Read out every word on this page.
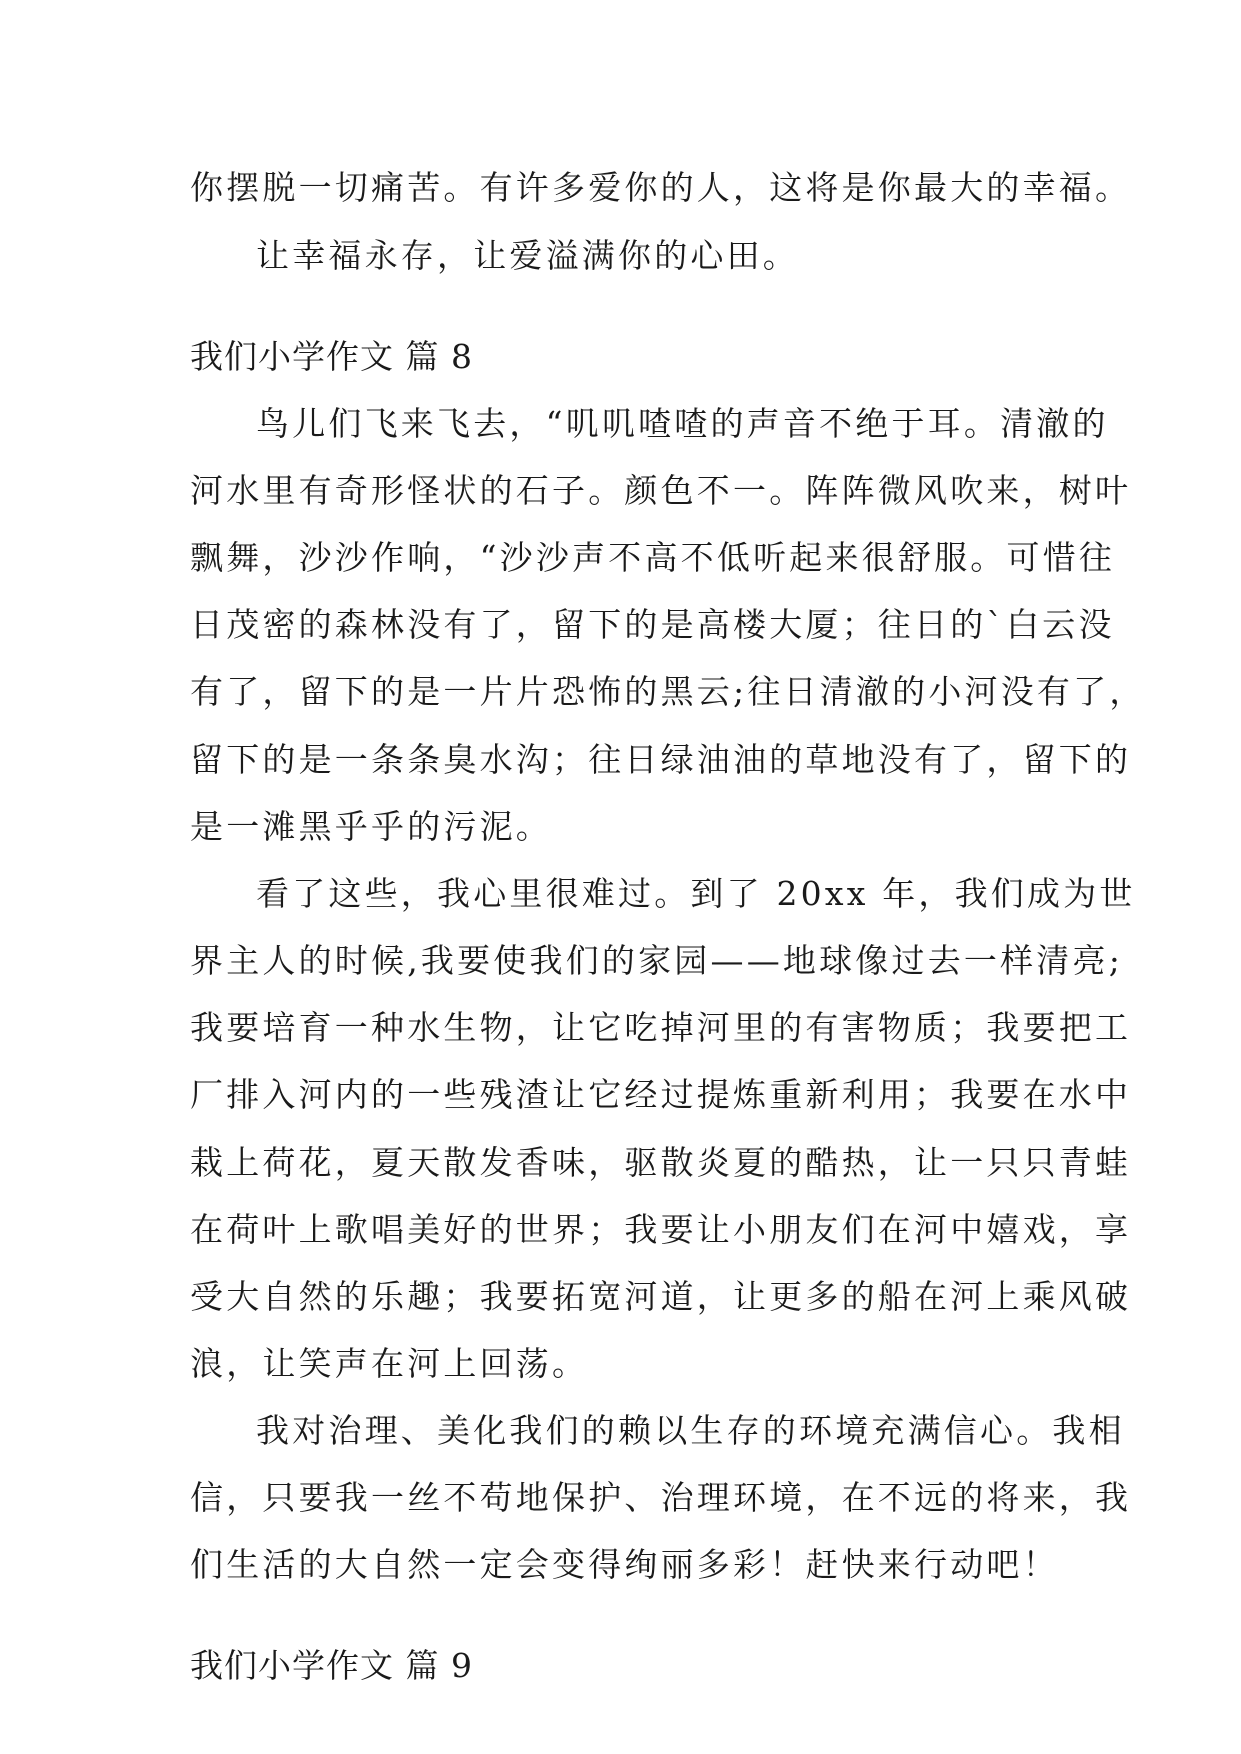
你摆脱一切痛苦。有许多爱你的人，这将是你最大的幸福。
让幸福永存，让爱溢满你的心田。
我们小学作文 篇 8
鸟儿们飞来飞去，“叽叽喳喳的声音不绝于耳。清澈的
河水里有奇形怪状的石子。颜色不一。阵阵微风吹来，树叶
飘舞，沙沙作响，“沙沙声不高不低听起来很舒服。可惜往
日茂密的森林没有了，留下的是高楼大厦；往日的`白云没
有了，留下的是一片片恐怖的黑云;往日清澈的小河没有了，
留下的是一条条臭水沟；往日绿油油的草地没有了，留下的
是一滩黑乎乎的污泥。
看了这些，我心里很难过。到了 20xx 年，我们成为世
界主人的时候,我要使我们的家园——地球像过去一样清亮;
我要培育一种水生物，让它吃掉河里的有害物质；我要把工
厂排入河内的一些残渣让它经过提炼重新利用；我要在水中
栽上荷花，夏天散发香味，驱散炎夏的酷热，让一只只青蛙
在荷叶上歌唱美好的世界；我要让小朋友们在河中嬉戏，享
受大自然的乐趣；我要拓宽河道，让更多的船在河上乘风破
浪，让笑声在河上回荡。
我对治理、美化我们的赖以生存的环境充满信心。我相
信，只要我一丝不苟地保护、治理环境，在不远的将来，我
们生活的大自然一定会变得绚丽多彩！赶快来行动吧！
我们小学作文 篇 9
